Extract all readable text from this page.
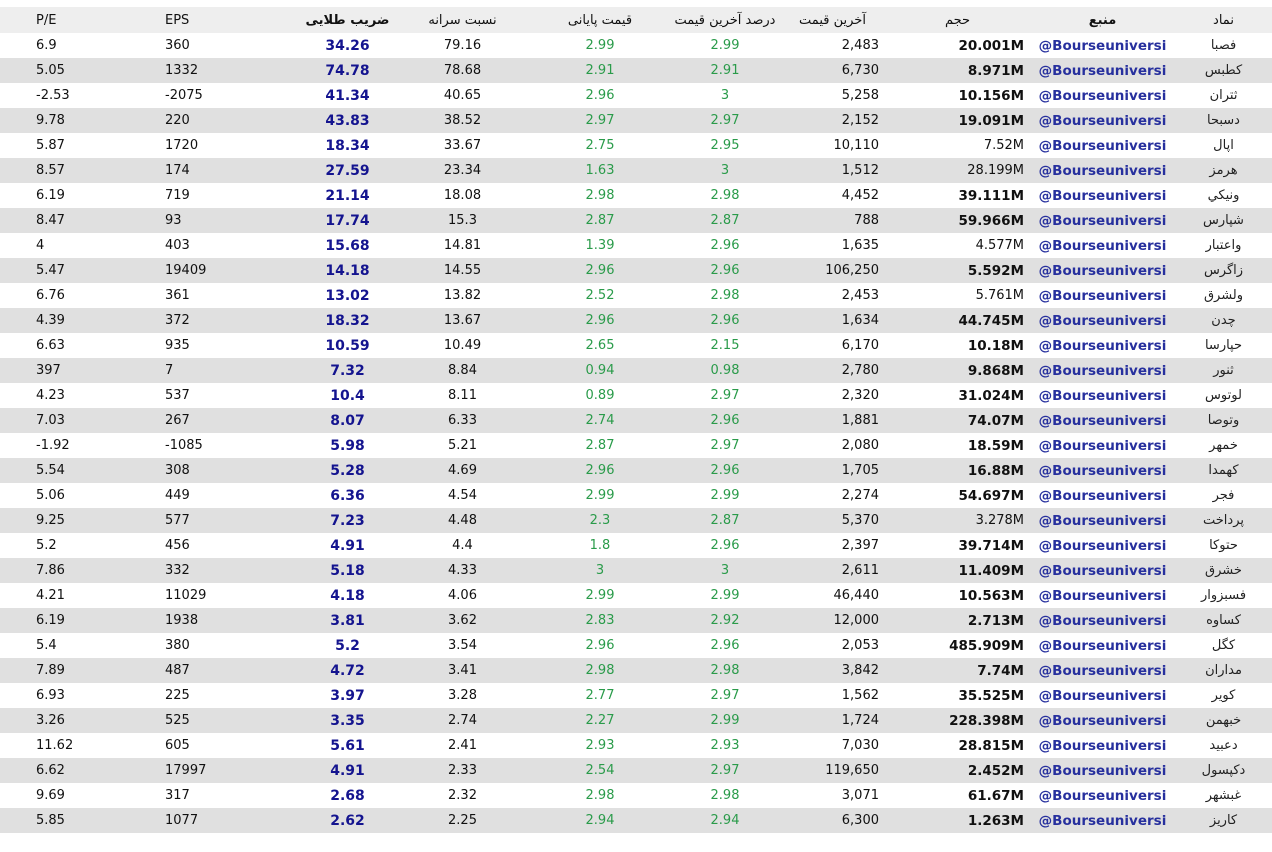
نماد	منبع	حجم	آخرین قیمت	درصد آخرین قیمت	قیمت پایانی	نسبت سرانه	ضریب طلایی	EPS	P/E
فصبا	@Bourseuniversi	20.001M	2,483	2.99	2.99	79.16	34.26	360	6.9
کطبس	@Bourseuniversi	8.971M	6,730	2.91	2.91	78.68	74.78	1332	5.05
ثتران	@Bourseuniversi	10.156M	5,258	3	2.96	40.65	41.34	-2075	-2.53
دسبحا	@Bourseuniversi	19.091M	2,152	2.97	2.97	38.52	43.83	220	9.78
اپال	@Bourseuniversi	7.52M	10,110	2.95	2.75	33.67	18.34	1720	5.87
هرمز	@Bourseuniversi	28.199M	1,512	3	1.63	23.34	27.59	174	8.57
ونیکي	@Bourseuniversi	39.111M	4,452	2.98	2.98	18.08	21.14	719	6.19
شپارس	@Bourseuniversi	59.966M	788	2.87	2.87	15.3	17.74	93	8.47
واعتبار	@Bourseuniversi	4.577M	1,635	2.96	1.39	14.81	15.68	403	4
زاگرس	@Bourseuniversi	5.592M	106,250	2.96	2.96	14.55	14.18	19409	5.47
ولشرق	@Bourseuniversi	5.761M	2,453	2.98	2.52	13.82	13.02	361	6.76
چدن	@Bourseuniversi	44.745M	1,634	2.96	2.96	13.67	18.32	372	4.39
حپارسا	@Bourseuniversi	10.18M	6,170	2.15	2.65	10.49	10.59	935	6.63
ثنور	@Bourseuniversi	9.868M	2,780	0.98	0.94	8.84	7.32	7	397
لوتوس	@Bourseuniversi	31.024M	2,320	2.97	0.89	8.11	10.4	537	4.23
وتوصا	@Bourseuniversi	74.07M	1,881	2.96	2.74	6.33	8.07	267	7.03
خمهر	@Bourseuniversi	18.59M	2,080	2.97	2.87	5.21	5.98	-1085	-1.92
کهمدا	@Bourseuniversi	16.88M	1,705	2.96	2.96	4.69	5.28	308	5.54
فجر	@Bourseuniversi	54.697M	2,274	2.99	2.99	4.54	6.36	449	5.06
پرداخت	@Bourseuniversi	3.278M	5,370	2.87	2.3	4.48	7.23	577	9.25
حتوکا	@Bourseuniversi	39.714M	2,397	2.96	1.8	4.4	4.91	456	5.2
خشرق	@Bourseuniversi	11.409M	2,611	3	3	4.33	5.18	332	7.86
فسبزوار	@Bourseuniversi	10.563M	46,440	2.99	2.99	4.06	4.18	11029	4.21
کساوه	@Bourseuniversi	2.713M	12,000	2.92	2.83	3.62	3.81	1938	6.19
کگل	@Bourseuniversi	485.909M	2,053	2.96	2.96	3.54	5.2	380	5.4
مداران	@Bourseuniversi	7.74M	3,842	2.98	2.98	3.41	4.72	487	7.89
کویر	@Bourseuniversi	35.525M	1,562	2.97	2.77	3.28	3.97	225	6.93
خبهمن	@Bourseuniversi	228.398M	1,724	2.99	2.27	2.74	3.35	525	3.26
دعبید	@Bourseuniversi	28.815M	7,030	2.93	2.93	2.41	5.61	605	11.62
دکپسول	@Bourseuniversi	2.452M	119,650	2.97	2.54	2.33	4.91	17997	6.62
غبشهر	@Bourseuniversi	61.67M	3,071	2.98	2.98	2.32	2.68	317	9.69
کاریز	@Bourseuniversi	1.263M	6,300	2.94	2.94	2.25	2.62	1077	5.85
